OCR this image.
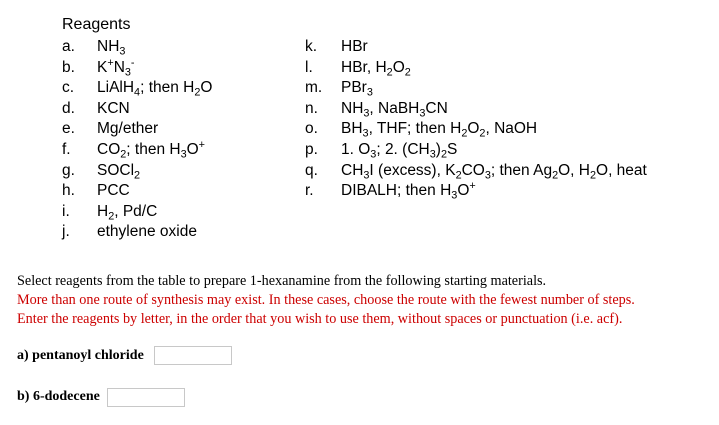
Reagents
a. $NH_3$
b. $K^+N_3^-$
c. LiAlH$_4$; then $H_2O$
d. KCN
e. Mg/ether
f. $CO_2$; then $H_3O^+$
g. SOCl$_2$
h. PCC
i. $H_2$, Pd/C
j. ethylene oxide
k. HBr
l. HBr, $H_2O_2$
m. PBr$_3$
n. $NH_3$, NaBH$_3$CN
o. $BH_3$, THF; then $H_2O_2$, NaOH
p. 1. $O_3$; 2. $(CH_3)_2S$
q. $CH_3I$ (excess), $K_2CO_3$; then $Ag_2O$, $H_2O$, heat
r. DIBALH; then $H_3O^+$
Select reagents from the table to prepare 1-hexanamine from the following starting materials.
More than one route of synthesis may exist. In these cases, choose the route with the fewest number of steps.
Enter the reagents by letter, in the order that you wish to use them, without spaces or punctuation (i.e. acf).
a) pentanoyl chloride
b) 6-dodecene
